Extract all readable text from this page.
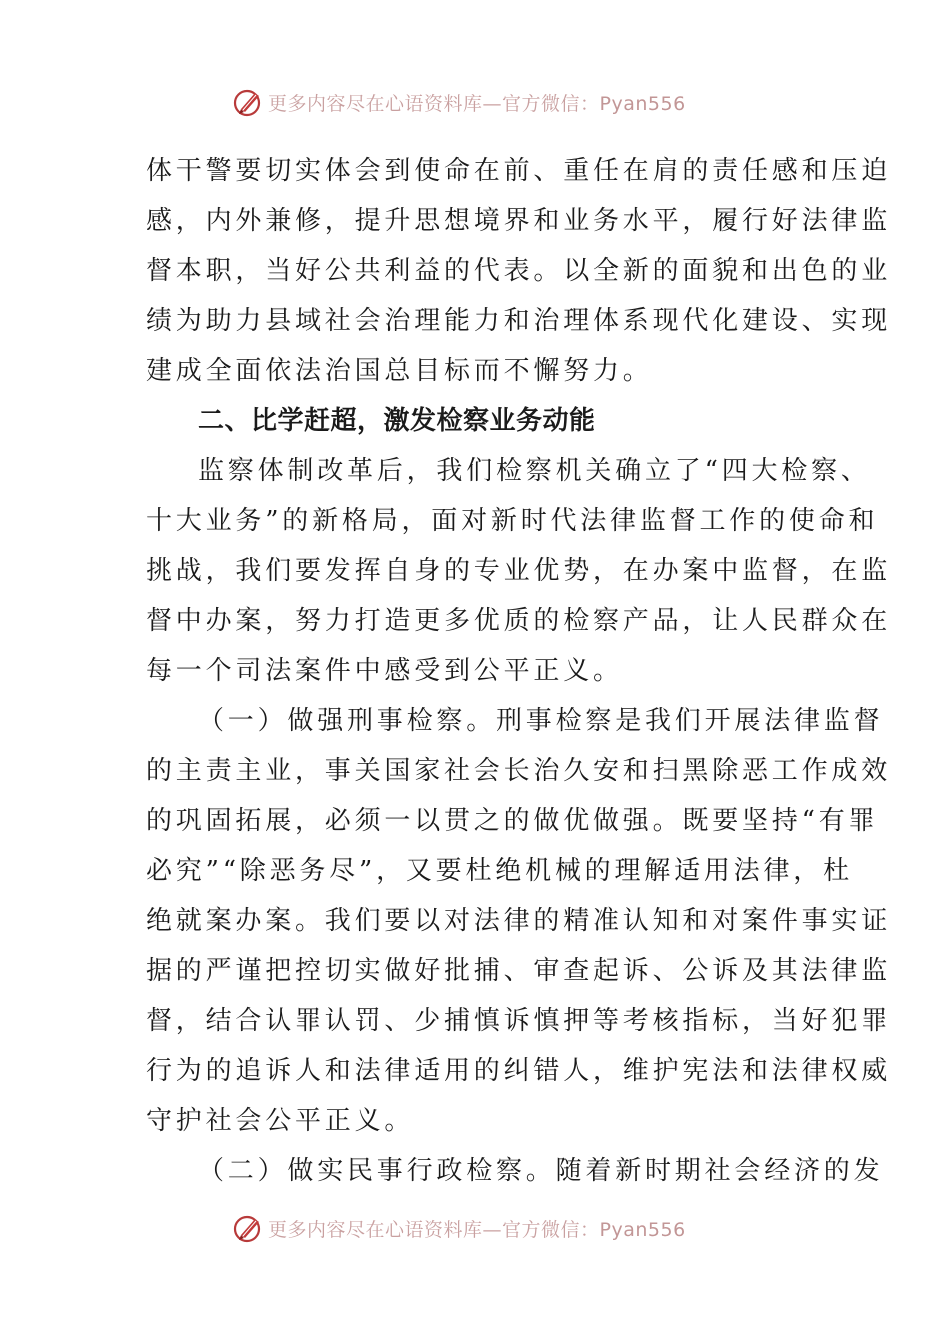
更多内容尽在心语资料库—官方微信：Pyan556
体干警要切实体会到使命在前、重任在肩的责任感和压迫
感，内外兼修，提升思想境界和业务水平，履行好法律监
督本职，当好公共利益的代表。以全新的面貌和出色的业
绩为助力县域社会治理能力和治理体系现代化建设、实现
建成全面依法治国总目标而不懈努力。
二、比学赶超，激发检察业务动能
监察体制改革后，我们检察机关确立了“四大检察、
十大业务”的新格局，面对新时代法律监督工作的使命和
挑战，我们要发挥自身的专业优势，在办案中监督，在监
督中办案，努力打造更多优质的检察产品，让人民群众在
每一个司法案件中感受到公平正义。
（一）做强刑事检察。刑事检察是我们开展法律监督
的主责主业，事关国家社会长治久安和扫黑除恶工作成效
的巩固拓展，必须一以贯之的做优做强。既要坚持“有罪
必究”“除恶务尽”，又要杜绝机械的理解适用法律，杜
绝就案办案。我们要以对法律的精准认知和对案件事实证
据的严谨把控切实做好批捕、审查起诉、公诉及其法律监
督，结合认罪认罚、少捕慎诉慎押等考核指标，当好犯罪
行为的追诉人和法律适用的纠错人，维护宪法和法律权威
守护社会公平正义。
（二）做实民事行政检察。随着新时期社会经济的发
更多内容尽在心语资料库—官方微信：Pyan556
